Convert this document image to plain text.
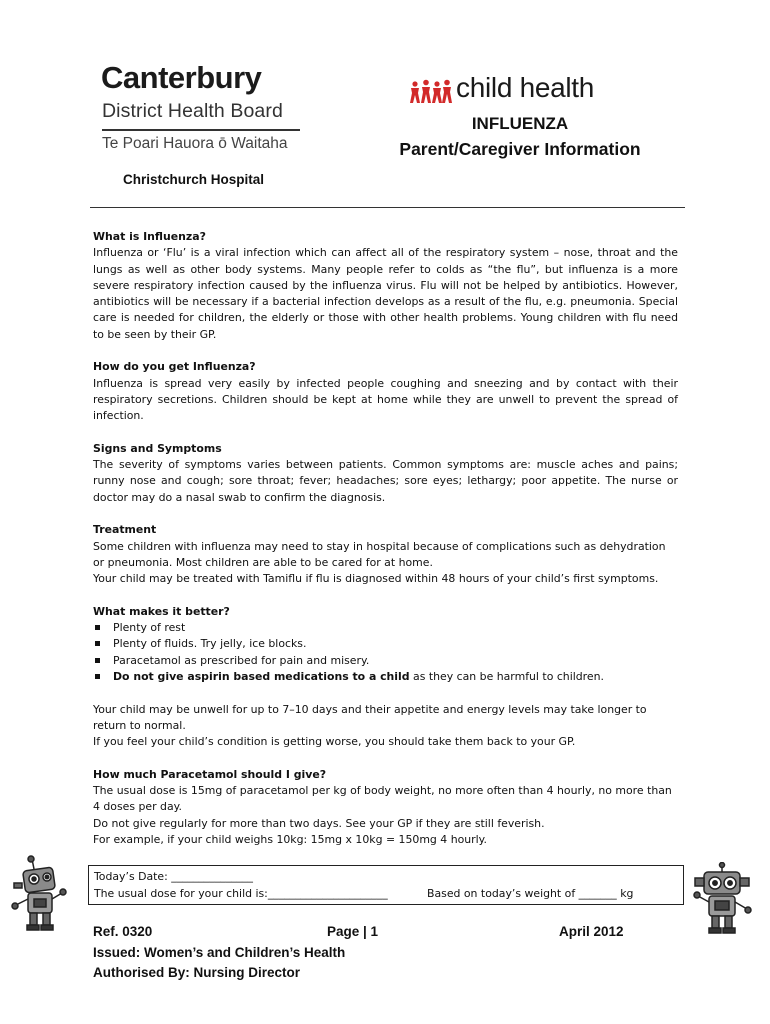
Canterbury
District Health Board
Te Poari Hauora ō Waitaha
Christchurch Hospital
child health
INFLUENZA
Parent/Caregiver Information
What is Influenza?

Influenza or ‘Flu’ is a viral infection which can affect all of the respiratory system – nose, throat and the lungs as well as other body systems. Many people refer to colds as “the flu”, but influenza is a more severe respiratory infection caused by the influenza virus. Flu will not be helped by antibiotics. However, antibiotics will be necessary if a bacterial infection develops as a result of the flu, e.g. pneumonia. Special care is needed for children, the elderly or those with other health problems. Young children with flu need to be seen by their GP.

How do you get Influenza?

Influenza is spread very easily by infected people coughing and sneezing and by contact with their respiratory secretions. Children should be kept at home while they are unwell to prevent the spread of infection.

Signs and Symptoms

The severity of symptoms varies between patients. Common symptoms are: muscle aches and pains; runny nose and cough; sore throat; fever; headaches; sore eyes; lethargy; poor appetite. The nurse or doctor may do a nasal swab to confirm the diagnosis.

Treatment

Some children with influenza may need to stay in hospital because of complications such as dehydration or pneumonia. Most children are able to be cared for at home.

Your child may be treated with Tamiflu if flu is diagnosed within 48 hours of your child’s first symptoms.

What makes it better?
Plenty of rest
Plenty of fluids. Try jelly, ice blocks.
Paracetamol as prescribed for pain and misery.
Do not give aspirin based medications to a child as they can be harmful to children.

Your child may be unwell for up to 7–10 days and their appetite and energy levels may take longer to return to normal.

If you feel your child’s condition is getting worse, you should take them back to your GP.

How much Paracetamol should I give?

The usual dose is 15mg of paracetamol per kg of body weight, no more often than 4 hourly, no more than 4 doses per day.

Do not give regularly for more than two days. See your GP if they are still feverish.

For example, if your child weighs 10kg: 15mg x 10kg = 150mg 4 hourly.

Today’s Date: _______________
The usual dose for your child is:______________________	Based on today’s weight of _______ kg
Ref. 0320	Page | 1	April 2012
Issued: Women’s and Children’s Health
Authorised By: Nursing Director
